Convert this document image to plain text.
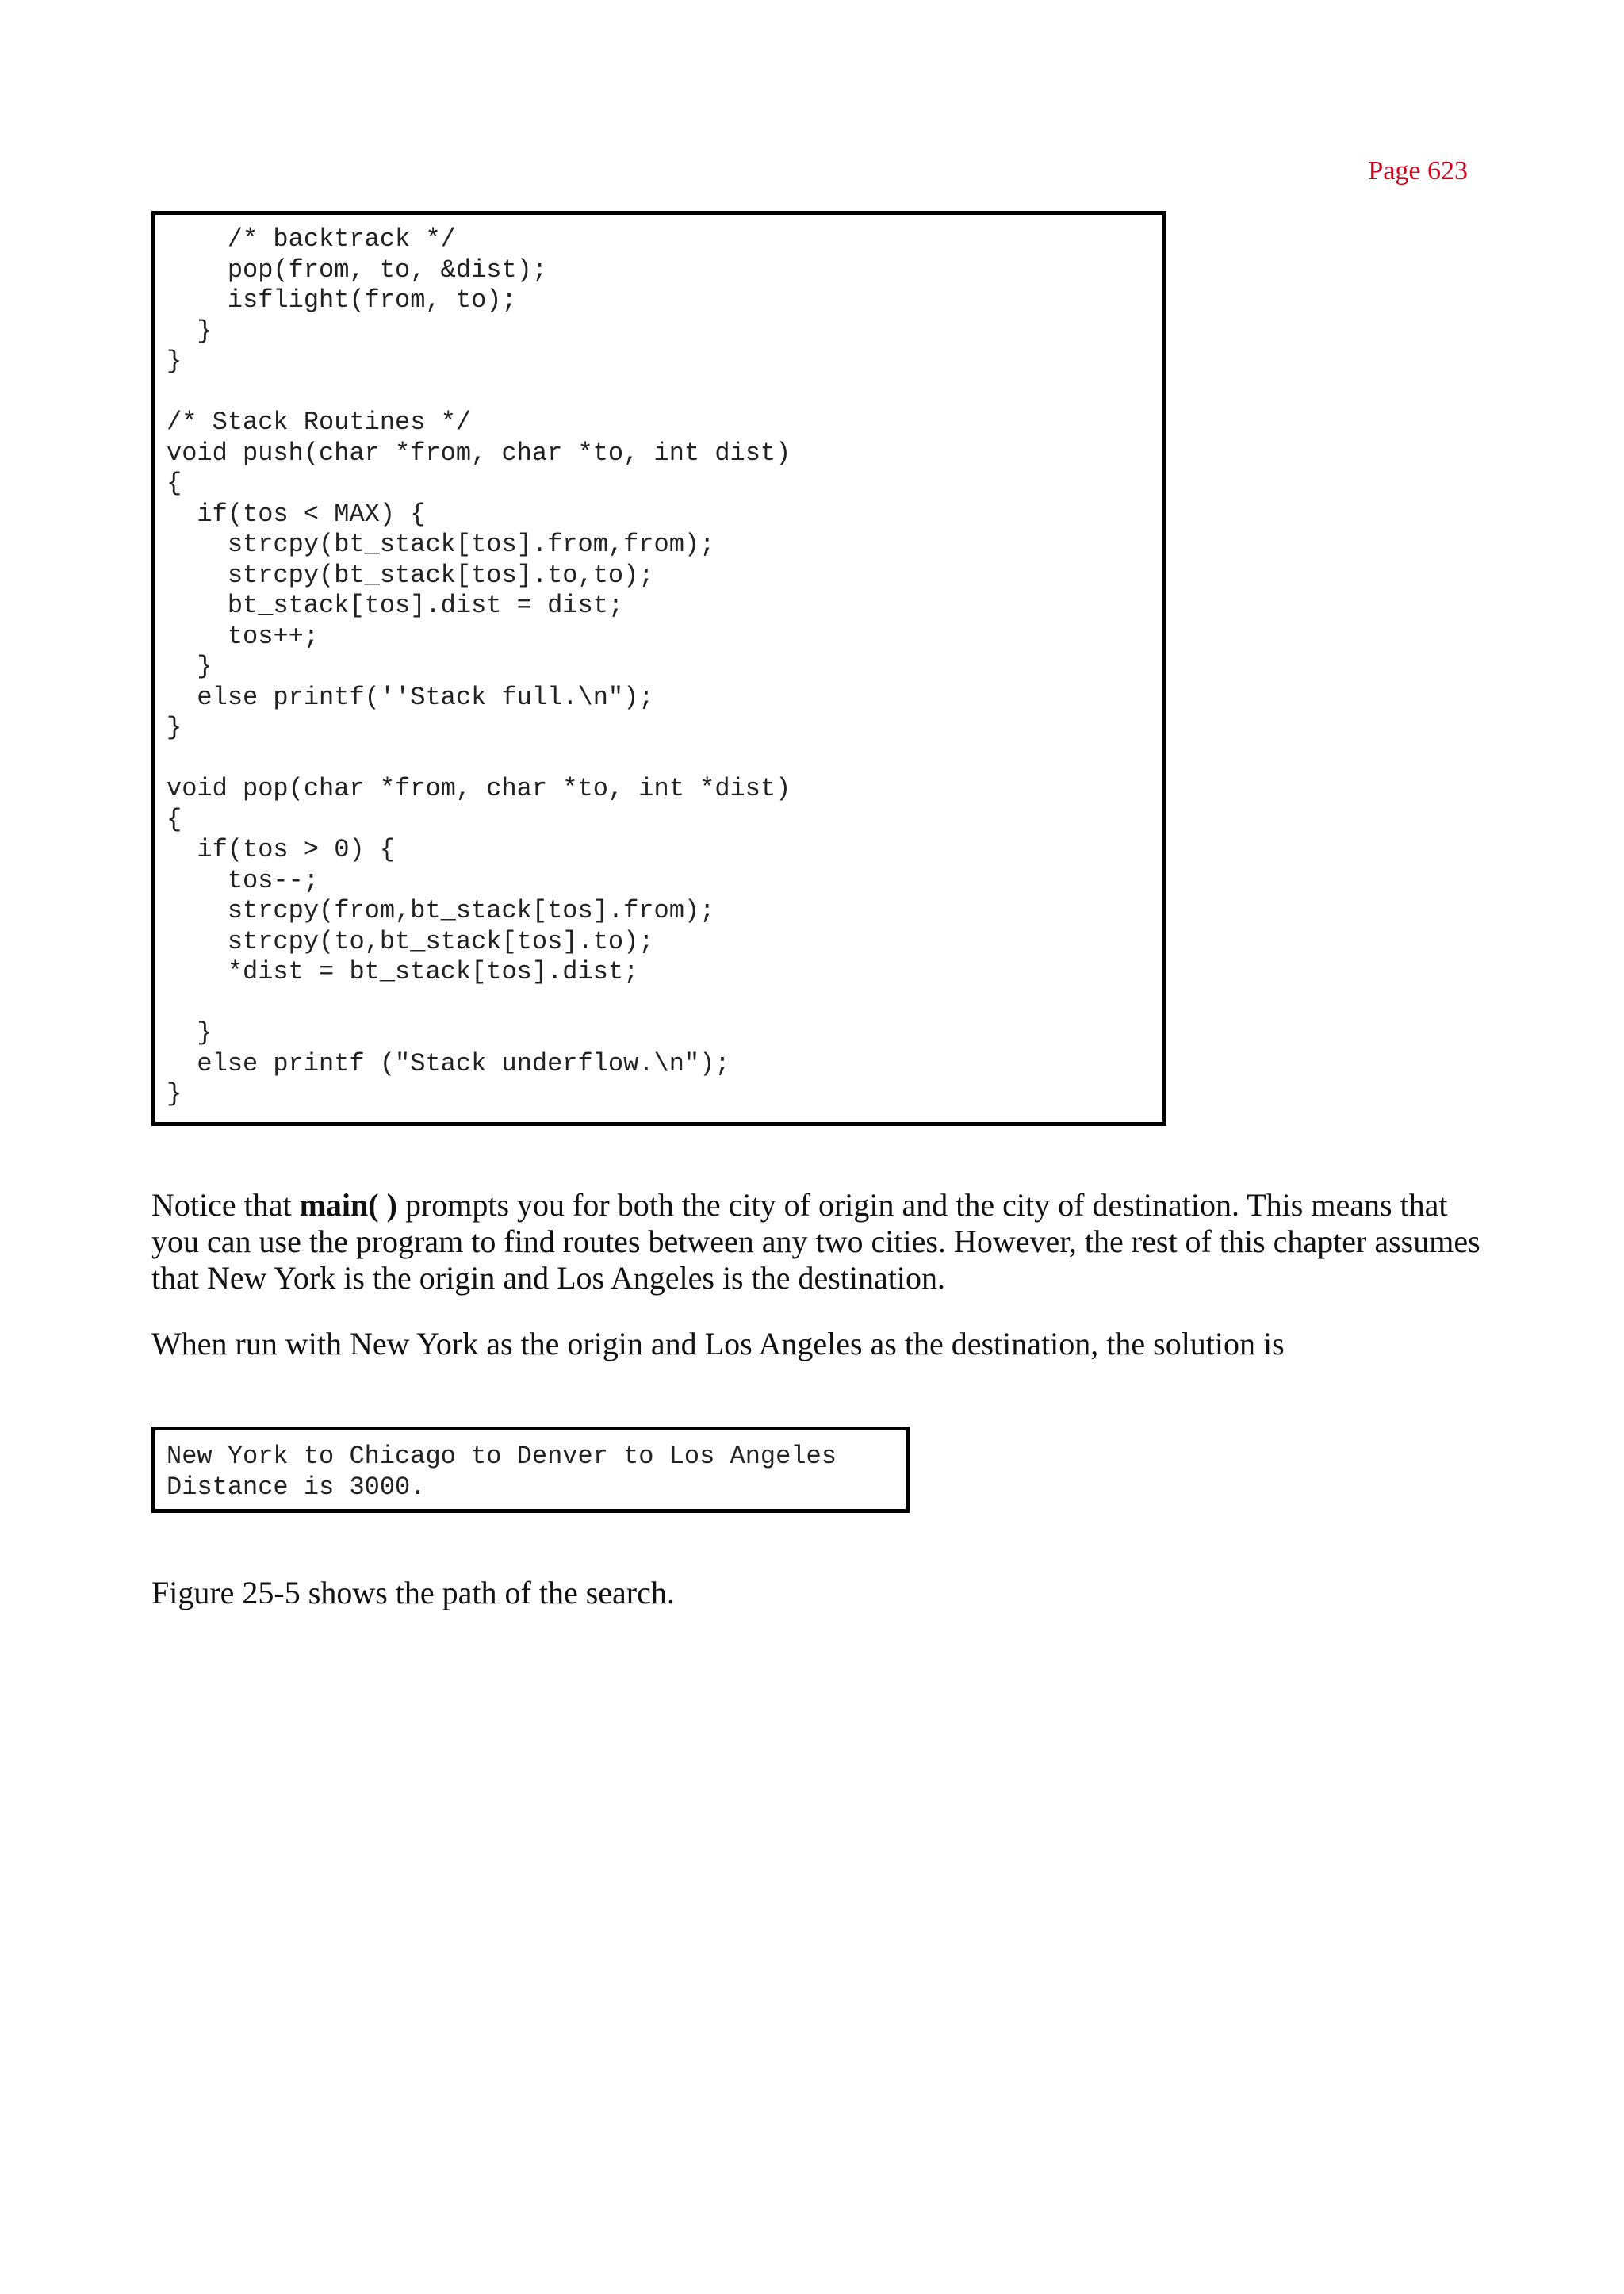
Page 623
/* backtrack */
pop(from, to, &dist);
isflight(from, to);
}
}

/* Stack Routines */
void push(char *from, char *to, int dist)
{
if(tos < MAX) {
strcpy(bt_stack[tos].from,from);
strcpy(bt_stack[tos].to,to);
bt_stack[tos].dist = dist;
tos++;
}
else printf(''Stack full.\n");
}

void pop(char *from, char *to, int *dist)
{
if(tos > 0) {
tos--;
strcpy(from,bt_stack[tos].from);
strcpy(to,bt_stack[tos].to);
*dist = bt_stack[tos].dist;

}
else printf ("Stack underflow.\n");
}

Notice that main( ) prompts you for both the city of origin and the city of destination. This means that you can use the program to find routes between any two cities. However, the rest of this chapter assumes that New York is the origin and Los Angeles is the destination.

When run with New York as the origin and Los Angeles as the destination, the solution is

New York to Chicago to Denver to Los Angeles
Distance is 3000.

Figure 25-5 shows the path of the search.
